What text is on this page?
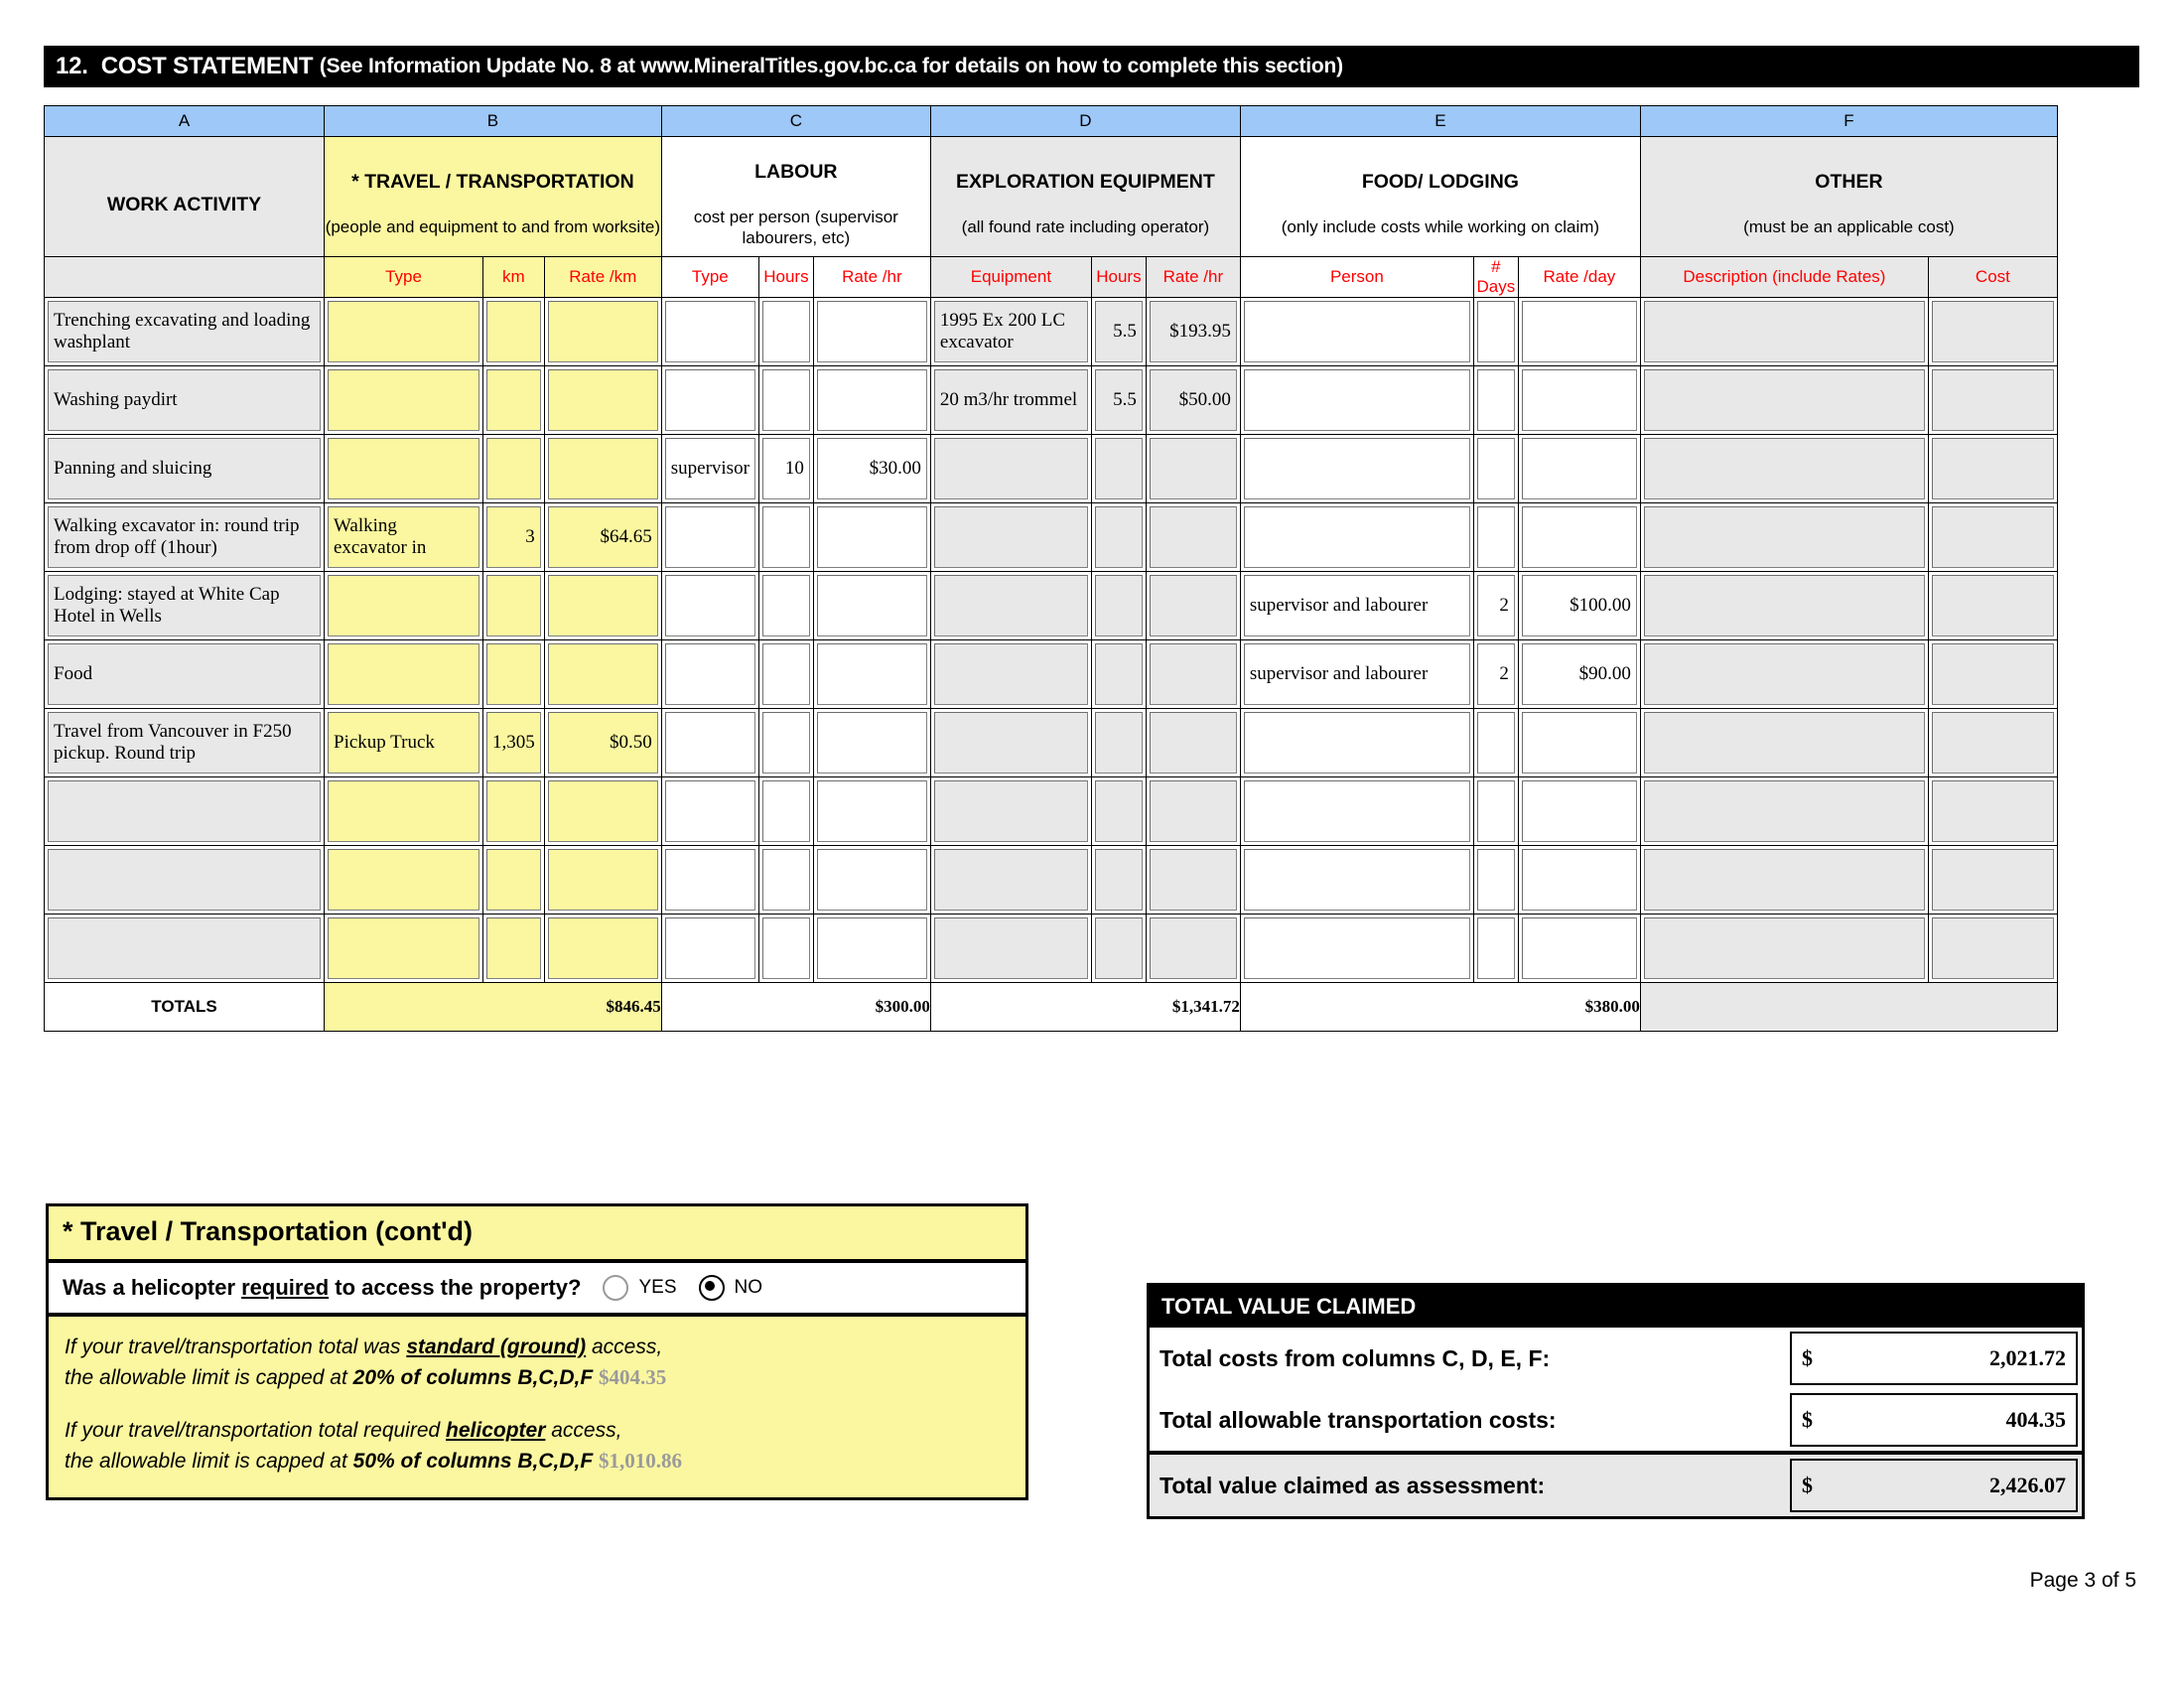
12.
COST STATEMENT
(See Information Update No. 8 at www.MineralTitles.gov.bc.ca for details on how to complete this section)
A	B			C			D			E			F	

WORK ACTIVITY	* TRAVEL / TRANSPORTATION
(people and equipment to and from worksite)			LABOUR
cost per person (supervisor labourers, etc)			EXPLORATION EQUIPMENT
(all found rate including operator)			FOOD/ LODGING
(only include costs while working on claim)			OTHER
(must be an applicable cost)	

	Type	km	Rate /km	Type	Hours	Rate /hr	Equipment	Hours	Rate /hr	Person	# Days	Rate /day	Description (include Rates)	Cost

Trenching excavating and loading washplant							1995 Ex 200 LC excavator	5.5	$193.95					

Washing paydirt							20 m3/hr trommel	5.5	$50.00					

Panning and sluicing				supervisor	10	$30.00								

Walking excavator in: round trip from drop off (1hour)	Walking excavator in	3	$64.65											

Lodging: stayed at White Cap Hotel in Wells										supervisor and labourer	2	$100.00		

Food										supervisor and labourer	2	$90.00		

Travel from Vancouver in F250 pickup. Round trip	Pickup Truck	1,305	$0.50											

TOTALS	$846.45			$300.00			$1,341.72			$380.00				
* Travel / Transportation (cont'd)
Was a helicopter required to access the property?	YES	NO
If your travel/transportation total was standard (ground) access,
the allowable limit is capped at 20% of columns B,C,D,F $404.35
If your travel/transportation total required helicopter access,
the allowable limit is capped at 50% of columns B,C,D,F $1,010.86
TOTAL VALUE CLAIMED
Total costs from columns C, D, E, F:	$	2,021.72
Total allowable transportation costs:	$	404.35
Total value claimed as assessment:	$	2,426.07
Page 3 of 5
